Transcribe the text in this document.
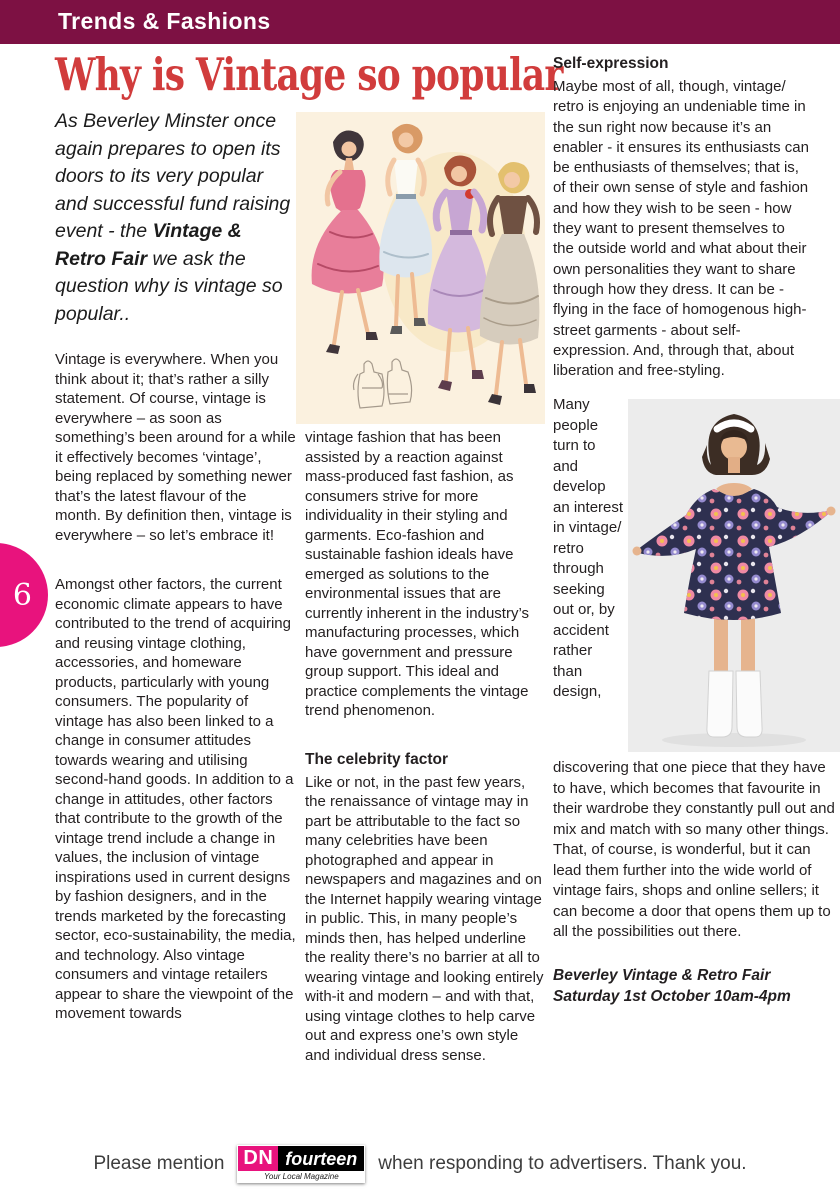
Trends & Fashions
Why is Vintage so popular
6

As Beverley Minster once again prepares to open its doors to its very popular and successful fund raising event - the Vintage & Retro Fair we ask the question why is vintage so popular..

Vintage is everywhere. When you think about it; that’s rather a silly statement. Of course, vintage is everywhere – as soon as something’s been around for a while it effectively becomes ‘vintage’, being replaced by something newer that’s the latest flavour of the month. By definition then, vintage is everywhere – so let’s embrace it!

Amongst other factors, the current economic climate appears to have contributed to the trend of acquiring and reusing vintage clothing, accessories, and homeware products, particularly with young consumers. The popularity of vintage has also been linked to a change in consumer attitudes towards wearing and utilising second-hand goods. In addition to a change in attitudes, other factors that contribute to the growth of the vintage trend include a change in values, the inclusion of vintage inspirations used in current designs by fashion designers, and in the trends marketed by the forecasting sector, eco-sustainability, the media, and technology. Also vintage consumers and vintage retailers appear to share the viewpoint of the movement towards

vintage fashion that has been assisted by a reaction against mass-produced fast fashion, as consumers strive for more individuality in their styling and garments. Eco-fashion and sustainable fashion ideals have emerged as solutions to the environmental issues that are currently inherent in the industry’s manufacturing processes, which have government and pressure group support. This ideal and practice complements the vintage trend phenomenon.

The celebrity factor

Like or not, in the past few years, the renaissance of vintage may in part be attributable to the fact so many celebrities have been photographed and appear in newspapers and magazines and on the Internet happily wearing vintage in public. This, in many people’s minds then, has helped underline the reality there’s no barrier at all to wearing vintage and looking entirely with-it and modern – and with that, using vintage clothes to help carve out and express one’s own style and individual dress sense.

Self-expression

Maybe most of all, though, vintage/ retro is enjoying an undeniable time in the sun right now because it’s an enabler - it ensures its enthusiasts can be enthusiasts of themselves; that is, of their own sense of style and fashion and how they wish to be seen - how they want to present themselves to the outside world and what about their own personalities they want to share through how they dress. It can be - flying in the face of homogenous high-street garments - about self-expression. And, through that, about liberation and free-styling.

Many people turn to and develop an interest in vintage/ retro through seeking out or, by accident rather than design, discovering that one piece that they have to have, which becomes that favourite in their wardrobe they constantly pull out and mix and match with so many other things. That, of course, is wonderful, but it can lead them further into the wide world of vintage fairs, shops and online sellers; it can become a door that opens them up to all the possibilities out there.

Beverley Vintage & Retro Fair
Saturday 1st October 10am-4pm
Please mention DN fourteen
Your Local Magazine
when responding to advertisers. Thank you.
